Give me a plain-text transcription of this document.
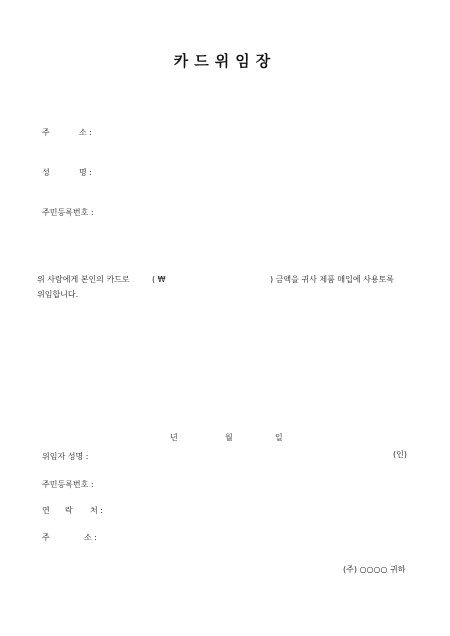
카드위임장
주	소 :
성	명 :
주민등록번호 :
위 사람에게 본인의 카드로	( ₩	) 금액을 귀사 제품 매입에 사용토록
위임합니다.
년	월	일
위임자 성명 :	(인)
주민등록번호 :
연 락 처 :
주	소 :
(주) ○○○○ 귀하
